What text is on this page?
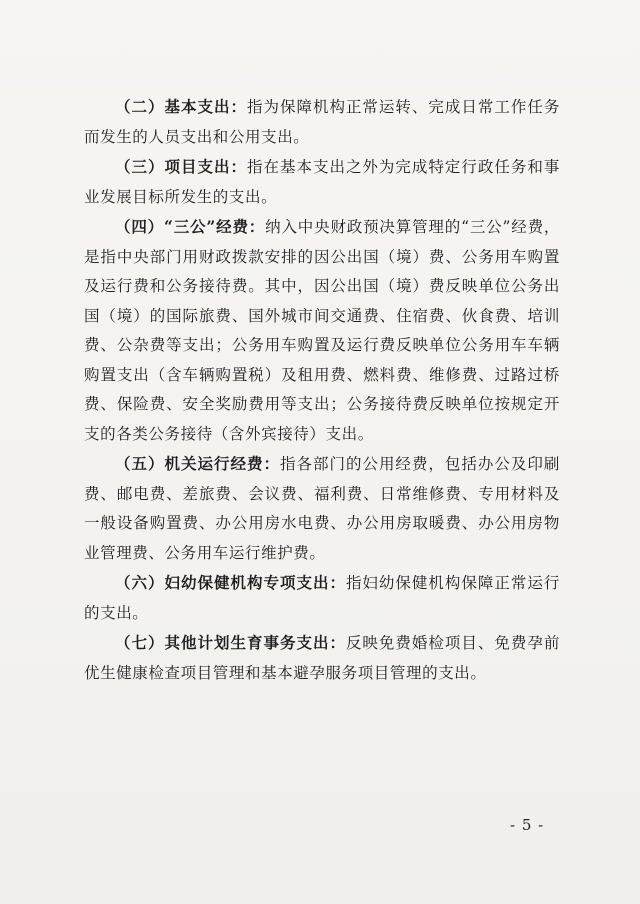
（二）基本支出：指为保障机构正常运转、完成日常工作任务而发生的人员支出和公用支出。

（三）项目支出：指在基本支出之外为完成特定行政任务和事业发展目标所发生的支出。

（四）“三公”经费：纳入中央财政预决算管理的“三公”经费，是指中央部门用财政拨款安排的因公出国（境）费、公务用车购置及运行费和公务接待费。其中，因公出国（境）费反映单位公务出国（境）的国际旅费、国外城市间交通费、住宿费、伙食费、培训费、公杂费等支出；公务用车购置及运行费反映单位公务用车车辆购置支出（含车辆购置税）及租用费、燃料费、维修费、过路过桥费、保险费、安全奖励费用等支出；公务接待费反映单位按规定开支的各类公务接待（含外宾接待）支出。

（五）机关运行经费：指各部门的公用经费，包括办公及印刷费、邮电费、差旅费、会议费、福利费、日常维修费、专用材料及一般设备购置费、办公用房水电费、办公用房取暖费、办公用房物业管理费、公务用车运行维护费。

（六）妇幼保健机构专项支出：指妇幼保健机构保障正常运行的支出。

（七）其他计划生育事务支出：反映免费婚检项目、免费孕前优生健康检查项目管理和基本避孕服务项目管理的支出。

- 5 -
